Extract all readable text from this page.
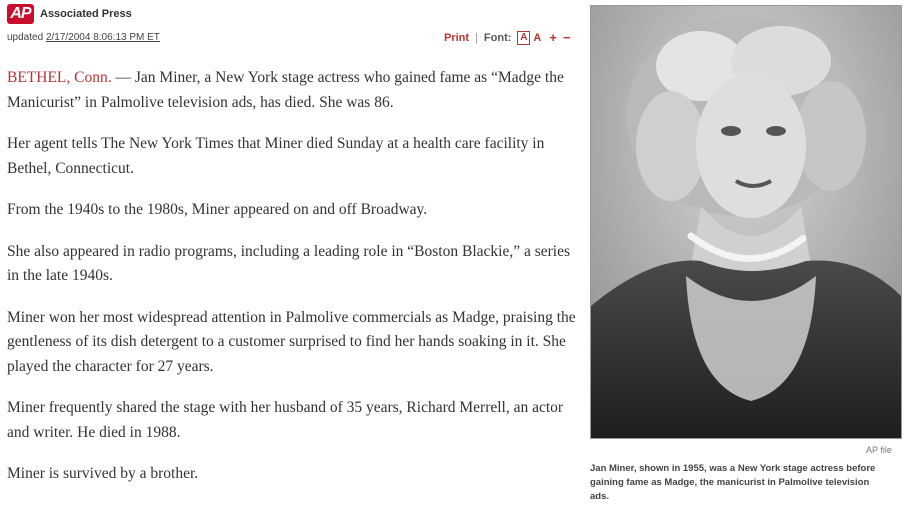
AP Associated Press
updated 2/17/2004 8:06:13 PM ET	Print | Font: A A + −

BETHEL, Conn. — Jan Miner, a New York stage actress who gained fame as “Madge the Manicurist” in Palmolive television ads, has died. She was 86.

Her agent tells The New York Times that Miner died Sunday at a health care facility in Bethel, Connecticut.

From the 1940s to the 1980s, Miner appeared on and off Broadway.

She also appeared in radio programs, including a leading role in “Boston Blackie,” a series in the late 1940s.

Miner won her most widespread attention in Palmolive commercials as Madge, praising the gentleness of its dish detergent to a customer surprised to find her hands soaking in it. She played the character for 27 years.

Miner frequently shared the stage with her husband of 35 years, Richard Merrell, an actor and writer. He died in 1988.

Miner is survived by a brother.

AP file
Jan Miner, shown in 1955, was a New York stage actress before gaining fame as Madge, the manicurist in Palmolive television ads.
